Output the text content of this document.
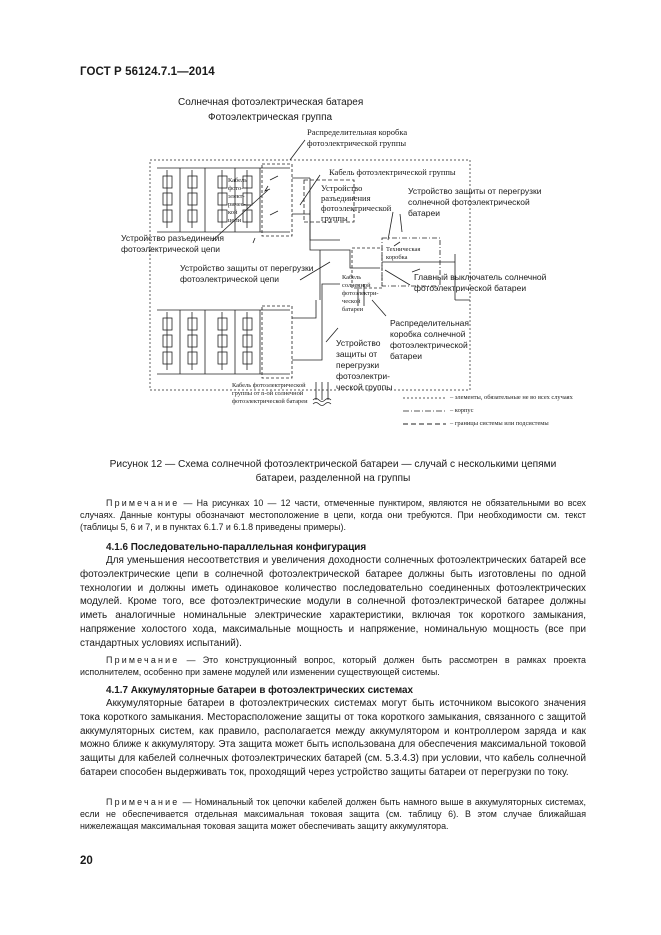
ГОСТ Р 56124.7.1—2014
Солнечная фотоэлектрическая батарея
Фотоэлектрическая группа
Распределительная коробка
фотоэлектрической группы
Кабель фотоэлектрической группы
Кабель
фото-
элект-
ричес-
кой
цепи
Устройство
разъединения
фотоэлектрической
группы
Устройство защиты от перегрузки
солнечной фотоэлектрической
батареи
Устройство разъединения
фотоэлектрической цепи	Техническая
коробка
Главный выключатель солнечной
фотоэлектрической батареи
Устройство защиты от перегрузки
фотоэлектрической цепи	Кабель
солнечной
фотоэлектри-
ческой
батареи
Распределительная
коробка солнечной
фотоэлектрической
батареи
Устройство
защиты от
перегрузки
фотоэлектри-
ческой группы
Кабель фотоэлектрической
группы от n-ой солнечной
фотоэлектрической батареи
– элементы, обязательные не во всех случаях
– корпус
– границы системы или подсистемы
Рисунок 12 — Схема солнечной фотоэлектрической батареи — случай с несколькими цепями
батареи, разделенной на группы
Примечание — На рисунках 10 — 12 части, отмеченные пунктиром, являются не обязательными во всех случаях. Данные контуры обозначают местоположение в цепи, когда они требуются. При необходимости см. текст (таблицы 5, 6 и 7, и в пунктах 6.1.7 и 6.1.8 приведены примеры).
4.1.6 Последовательно-параллельная конфигурация
Для уменьшения несоответствия и увеличения доходности солнечных фотоэлектрических батарей все фотоэлектрические цепи в солнечной фотоэлектрической батарее должны быть изготовлены по одной технологии и должны иметь одинаковое количество последовательно соединенных фотоэлектрических модулей. Кроме того, все фотоэлектрические модули в солнечной фотоэлектрической батарее должны иметь аналогичные номинальные электрические характеристики, включая ток короткого замыкания, напряжение холостого хода, максимальные мощность и напряжение, номинальную мощность (все при стандартных условиях испытаний).
Примечание — Это конструкционный вопрос, который должен быть рассмотрен в рамках проекта исполнителем, особенно при замене модулей или изменении существующей системы.
4.1.7 Аккумуляторные батареи в фотоэлектрических системах
Аккумуляторные батареи в фотоэлектрических системах могут быть источником высокого значения тока короткого замыкания. Месторасположение защиты от тока короткого замыкания, связанного с защитой аккумуляторных систем, как правило, располагается между аккумулятором и контроллером заряда и как можно ближе к аккумулятору. Эта защита может быть использована для обеспечения максимальной токовой защиты для кабелей солнечных фотоэлектрических батарей (см. 5.3.4.3) при условии, что кабель солнечной батареи способен выдерживать ток, проходящий через устройство защиты батареи от перегрузки по току.
Примечание — Номинальный ток цепочки кабелей должен быть намного выше в аккумуляторных системах, если не обеспечивается отдельная максимальная токовая защита (см. таблицу 6). В этом случае ближайшая нижележащая максимальная токовая защита может обеспечивать защиту аккумулятора.
20
